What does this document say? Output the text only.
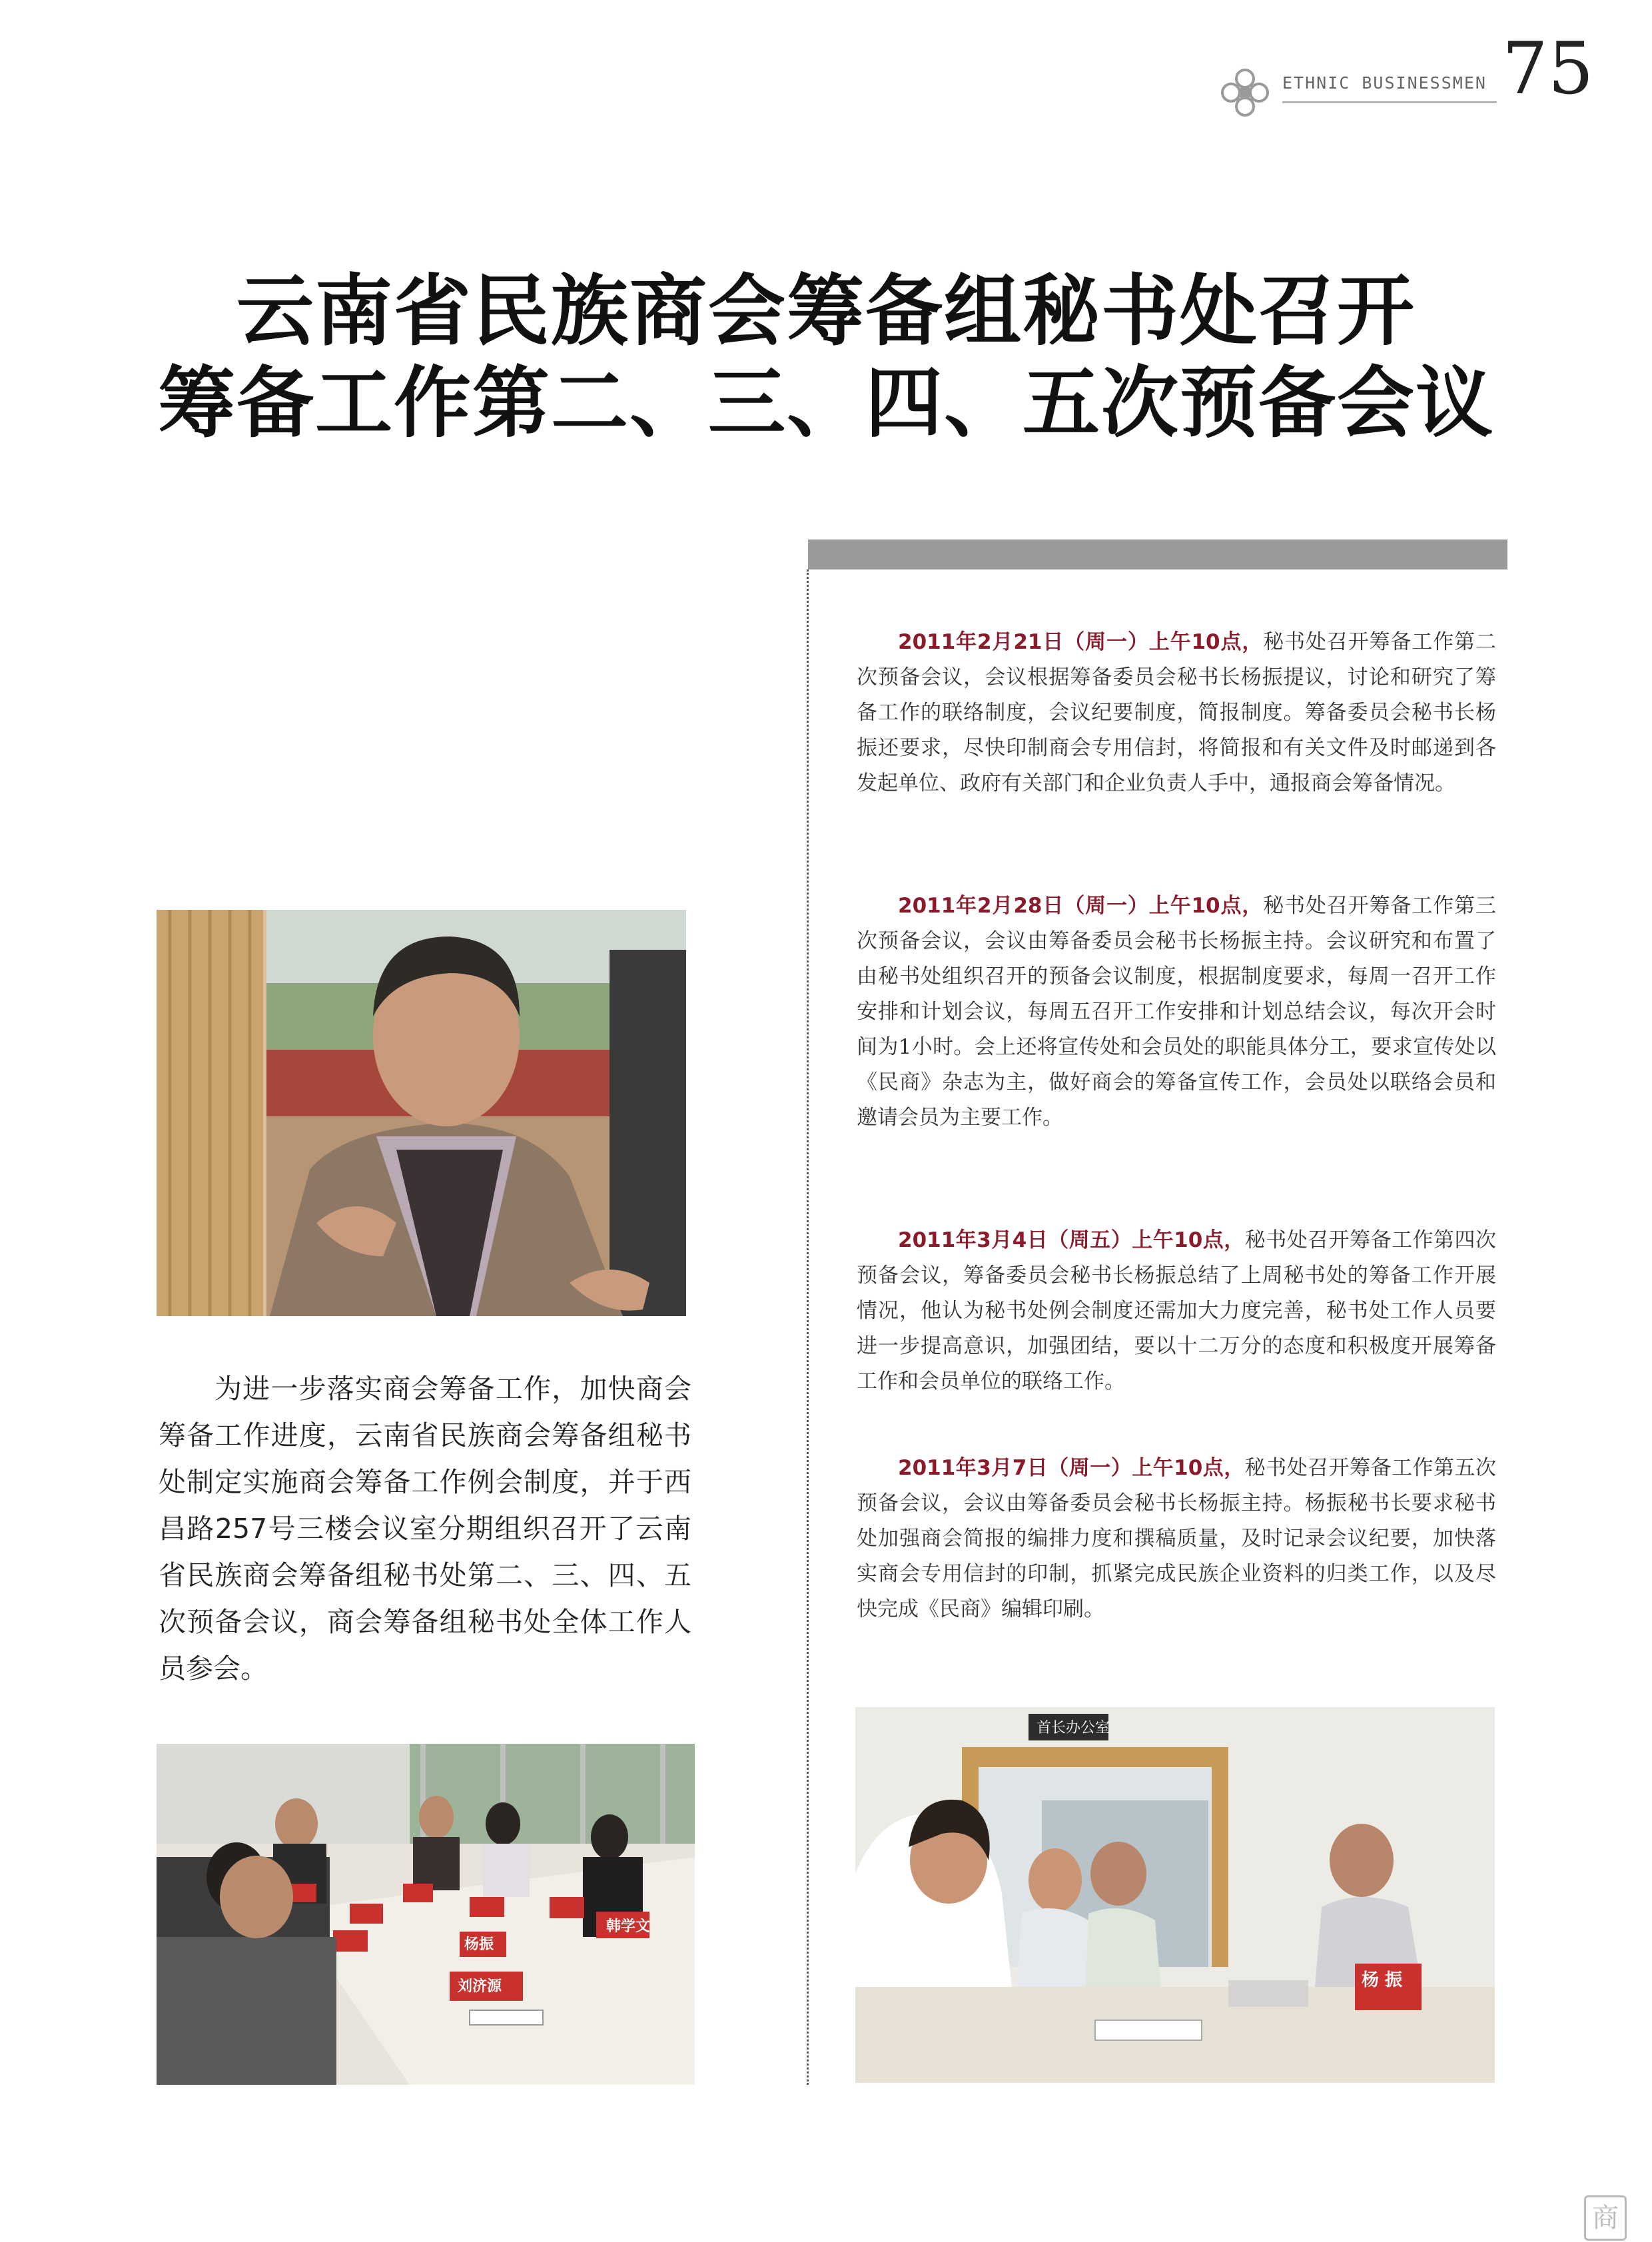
ETHNIC BUSINESSMEN 75
云南省民族商会筹备组秘书处召开
筹备工作第二、三、四、五次预备会议

为进一步落实商会筹备工作，加快商会筹备工作进度，云南省民族商会筹备组秘书处制定实施商会筹备工作例会制度，并于西昌路257号三楼会议室分期组织召开了云南省民族商会筹备组秘书处第二、三、四、五次预备会议，商会筹备组秘书处全体工作人员参会。

韩学文
刘济源
杨振

2011年2月21日（周一）上午10点，秘书处召开筹备工作第二次预备会议，会议根据筹备委员会秘书长杨振提议，讨论和研究了筹备工作的联络制度，会议纪要制度，简报制度。筹备委员会秘书长杨振还要求，尽快印制商会专用信封，将简报和有关文件及时邮递到各发起单位、政府有关部门和企业负责人手中，通报商会筹备情况。

2011年2月28日（周一）上午10点，秘书处召开筹备工作第三次预备会议，会议由筹备委员会秘书长杨振主持。会议研究和布置了由秘书处组织召开的预备会议制度，根据制度要求，每周一召开工作安排和计划会议，每周五召开工作安排和计划总结会议，每次开会时间为1小时。会上还将宣传处和会员处的职能具体分工，要求宣传处以《民商》杂志为主，做好商会的筹备宣传工作，会员处以联络会员和邀请会员为主要工作。

2011年3月4日（周五）上午10点，秘书处召开筹备工作第四次预备会议，筹备委员会秘书长杨振总结了上周秘书处的筹备工作开展情况，他认为秘书处例会制度还需加大力度完善，秘书处工作人员要进一步提高意识，加强团结，要以十二万分的态度和积极度开展筹备工作和会员单位的联络工作。

2011年3月7日（周一）上午10点，秘书处召开筹备工作第五次预备会议，会议由筹备委员会秘书长杨振主持。杨振秘书长要求秘书处加强商会简报的编排力度和撰稿质量，及时记录会议纪要，加快落实商会专用信封的印制，抓紧完成民族企业资料的归类工作，以及尽快完成《民商》编辑印刷。

首长办公室
杨 振
商
